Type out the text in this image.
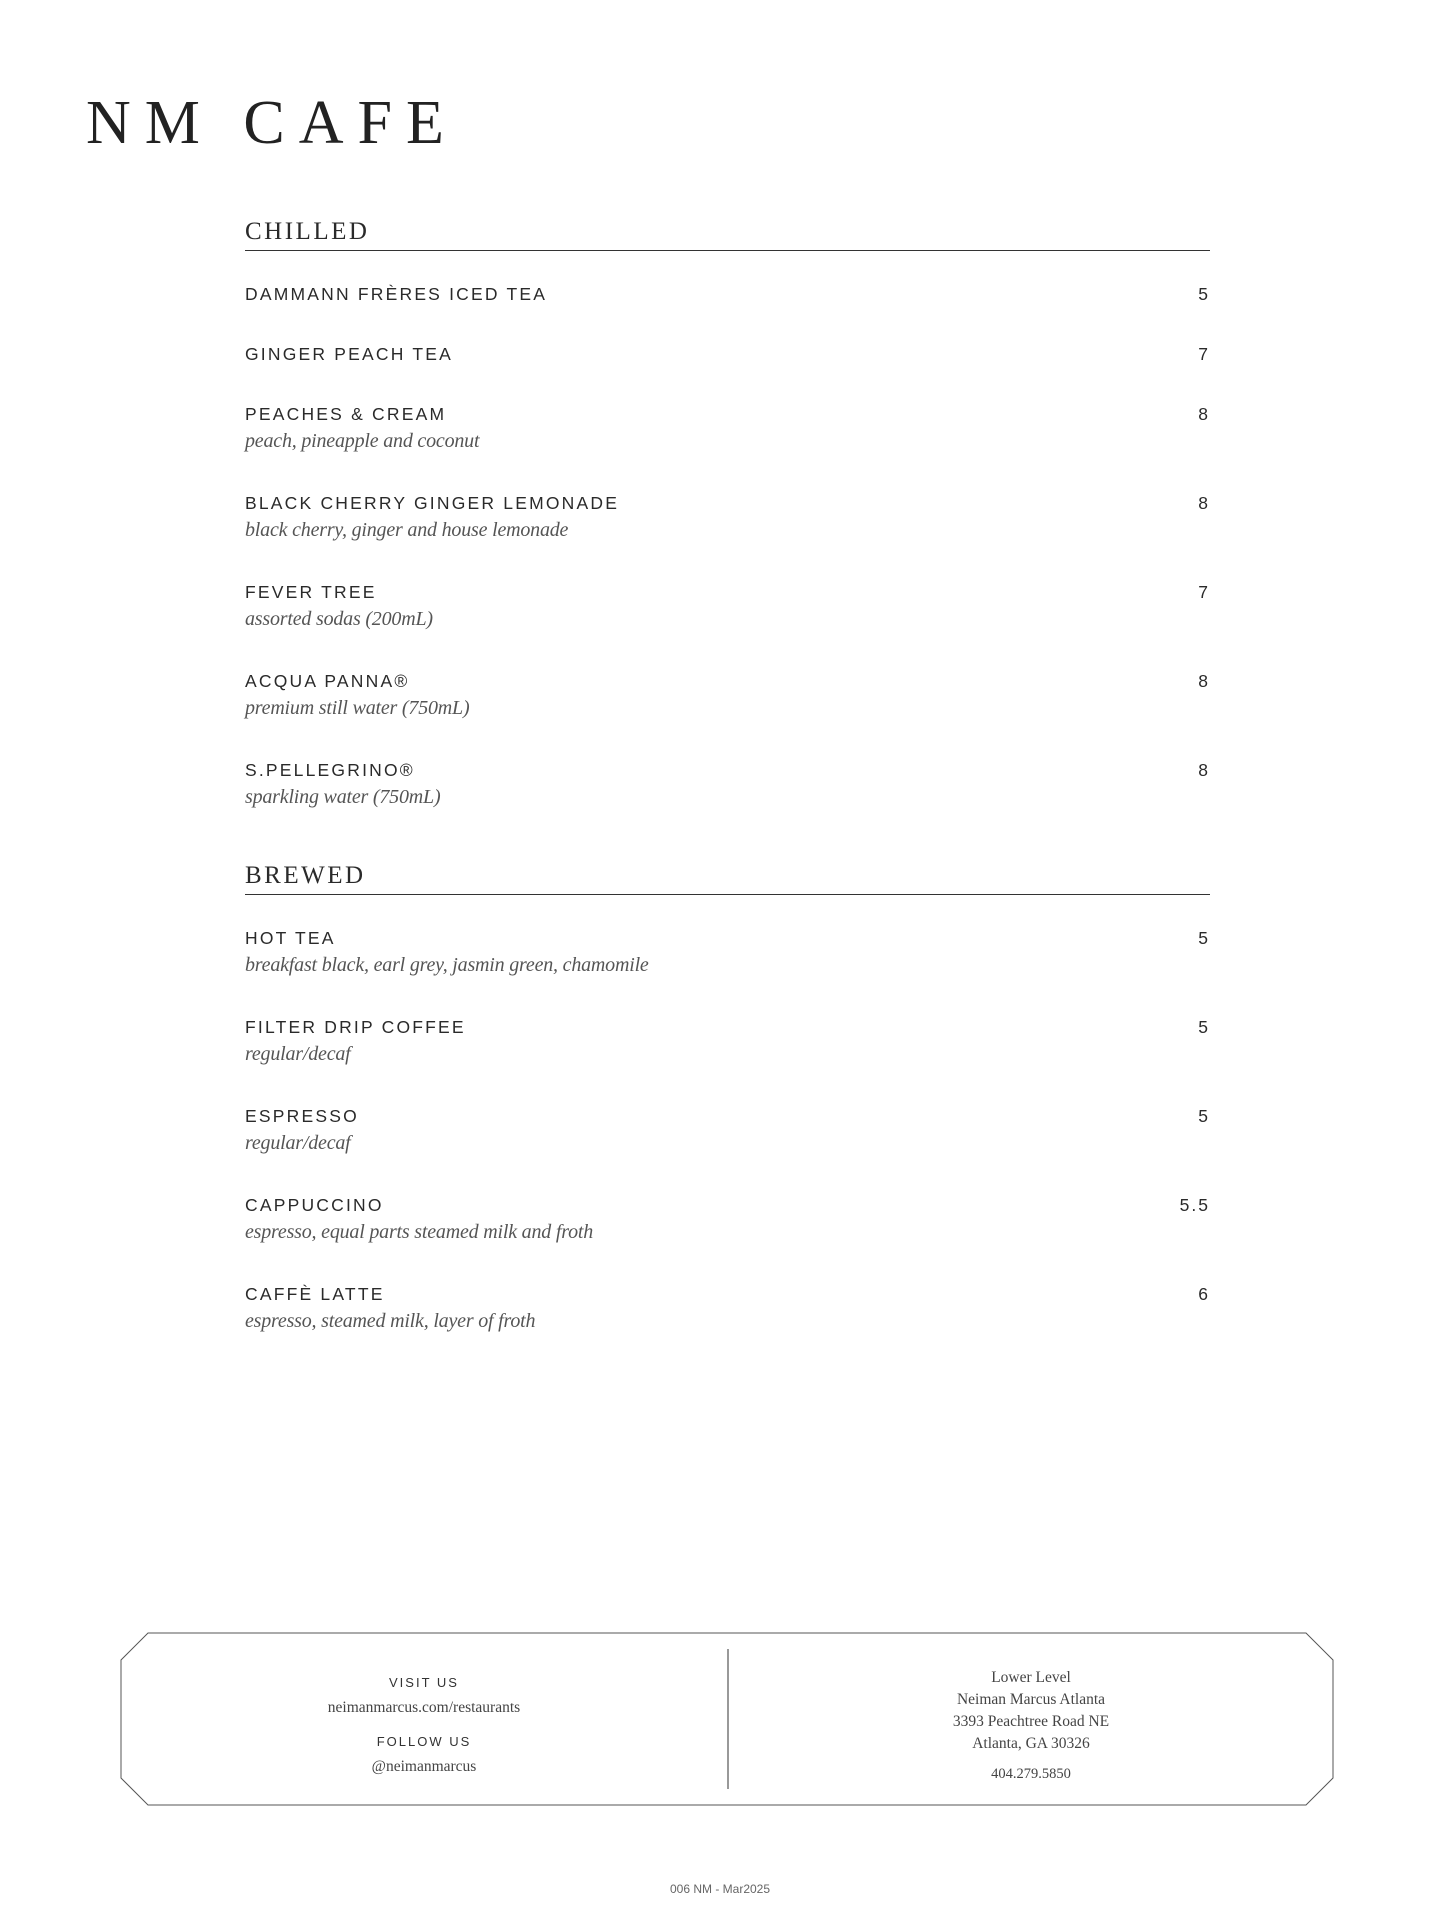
NM CAFE
CHILLED
DAMMANN FRÈRES ICED TEA	5
GINGER PEACH TEA	7
PEACHES & CREAM	8
peach, pineapple and coconut
BLACK CHERRY GINGER LEMONADE	8
black cherry, ginger and house lemonade
FEVER TREE	7
assorted sodas (200mL)
ACQUA PANNA®	8
premium still water (750mL)
S.PELLEGRINO®	8
sparkling water (750mL)
BREWED
HOT TEA	5
breakfast black, earl grey, jasmin green, chamomile
FILTER DRIP COFFEE	5
regular/decaf
ESPRESSO	5
regular/decaf
CAPPUCCINO	5.5
espresso, equal parts steamed milk and froth
CAFFÈ LATTE	6
espresso, steamed milk, layer of froth
VISIT US
neimanmarcus.com/restaurants
FOLLOW US
@neimanmarcus
Lower Level
Neiman Marcus Atlanta
3393 Peachtree Road NE
Atlanta, GA 30326
404.279.5850
006 NM - Mar2025
